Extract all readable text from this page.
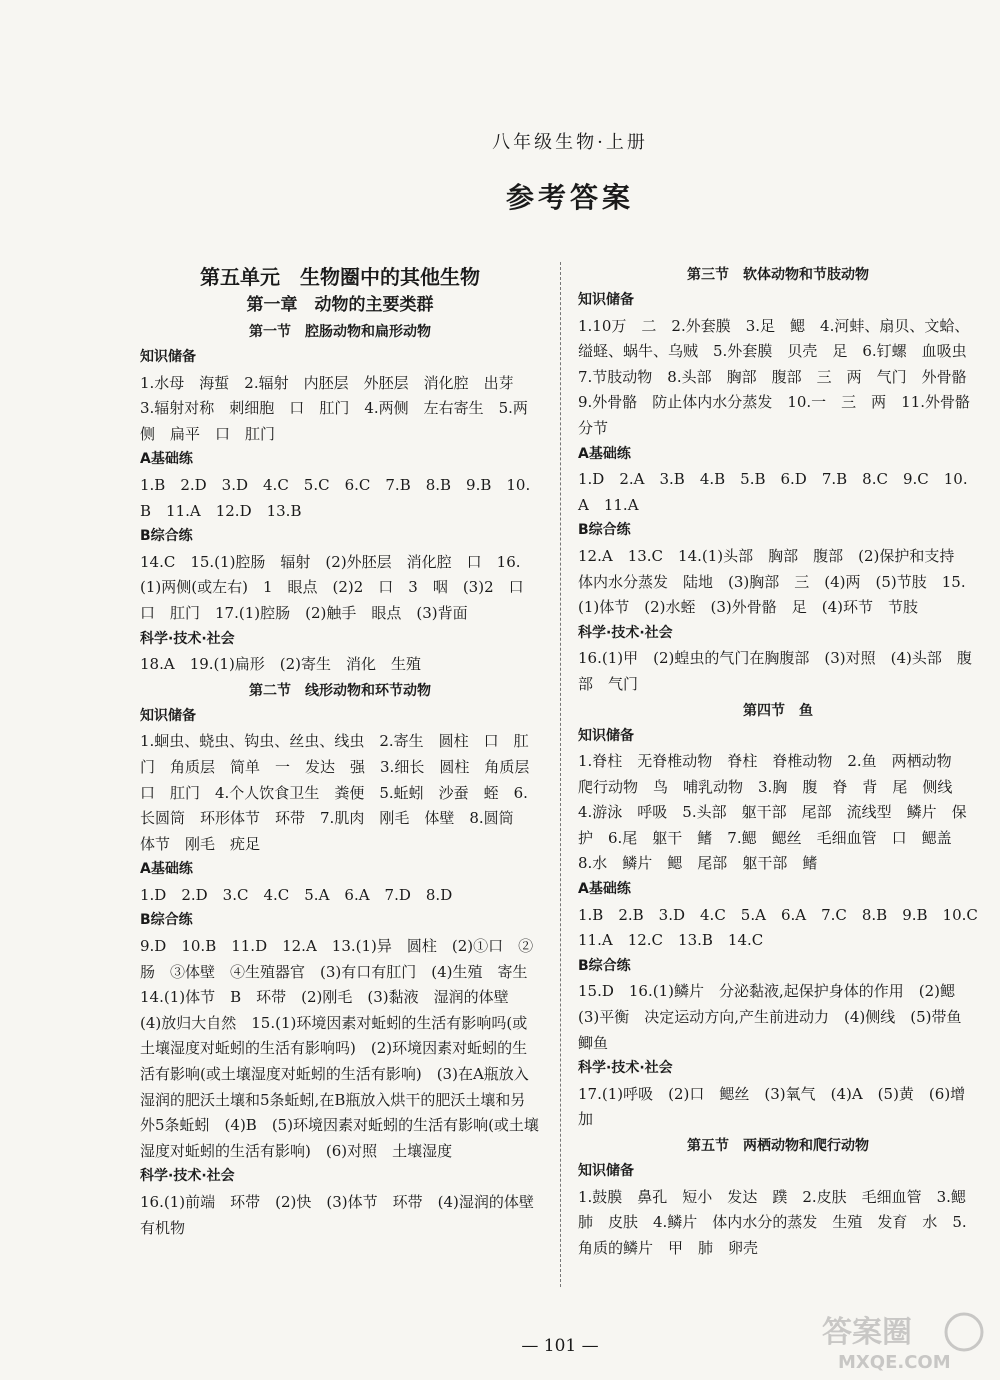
八年级生物·上册
参考答案
第五单元　生物圈中的其他生物
第一章　动物的主要类群
第一节　腔肠动物和扁形动物
知识储备
1.水母　海蜇　2.辐射　内胚层　外胚层　消化腔　出芽　3.辐射对称　刺细胞　口　肛门　4.两侧　左右寄生　5.两侧　扁平　口　肛门
A基础练
1.B　2.D　3.D　4.C　5.C　6.C　7.B　8.B　9.B　10.B　11.A　12.D　13.B
B综合练
14.C　15.(1)腔肠　辐射　(2)外胚层　消化腔　口　16.(1)两侧(或左右)　1　眼点　(2)2　口　3　咽　(3)2　口　口　肛门　17.(1)腔肠　(2)触手　眼点　(3)背面
科学·技术·社会
18.A　19.(1)扁形　(2)寄生　消化　生殖
第二节　线形动物和环节动物
知识储备
1.蛔虫、蛲虫、钩虫、丝虫、线虫　2.寄生　圆柱　口　肛门　角质层　简单　一　发达　强　3.细长　圆柱　角质层　口　肛门　4.个人饮食卫生　粪便　5.蚯蚓　沙蚕　蛭　6.长圆筒　环形体节　环带　7.肌肉　刚毛　体壁　8.圆筒　体节　刚毛　疣足
A基础练
1.D　2.D　3.C　4.C　5.A　6.A　7.D　8.D
B综合练
9.D　10.B　11.D　12.A　13.(1)异　圆柱　(2)①口　②肠　③体壁　④生殖器官　(3)有口有肛门　(4)生殖　寄生　14.(1)体节　B　环带　(2)刚毛　(3)黏液　湿润的体壁　(4)放归大自然　15.(1)环境因素对蚯蚓的生活有影响吗(或土壤湿度对蚯蚓的生活有影响吗)　(2)环境因素对蚯蚓的生活有影响(或土壤湿度对蚯蚓的生活有影响)　(3)在A瓶放入湿润的肥沃土壤和5条蚯蚓,在B瓶放入烘干的肥沃土壤和另外5条蚯蚓　(4)B　(5)环境因素对蚯蚓的生活有影响(或土壤湿度对蚯蚓的生活有影响)　(6)对照　土壤湿度
科学·技术·社会
16.(1)前端　环带　(2)快　(3)体节　环带　(4)湿润的体壁　有机物
第三节　软体动物和节肢动物
知识储备
1.10万　二　2.外套膜　3.足　鳃　4.河蚌、扇贝、文蛤、缢蛏、蜗牛、乌贼　5.外套膜　贝壳　足　6.钉螺　血吸虫　7.节肢动物　8.头部　胸部　腹部　三　两　气门　外骨骼　9.外骨骼　防止体内水分蒸发　10.一　三　两　11.外骨骼　分节
A基础练
1.D　2.A　3.B　4.B　5.B　6.D　7.B　8.C　9.C　10.A　11.A
B综合练
12.A　13.C　14.(1)头部　胸部　腹部　(2)保护和支持　体内水分蒸发　陆地　(3)胸部　三　(4)两　(5)节肢　15.(1)体节　(2)水蛭　(3)外骨骼　足　(4)环节　节肢
科学·技术·社会
16.(1)甲　(2)蝗虫的气门在胸腹部　(3)对照　(4)头部　腹部　气门
第四节　鱼
知识储备
1.脊柱　无脊椎动物　脊柱　脊椎动物　2.鱼　两栖动物　爬行动物　鸟　哺乳动物　3.胸　腹　脊　背　尾　侧线　4.游泳　呼吸　5.头部　躯干部　尾部　流线型　鳞片　保护　6.尾　躯干　鳍　7.鳃　鳃丝　毛细血管　口　鳃盖　8.水　鳞片　鳃　尾部　躯干部　鳍
A基础练
1.B　2.B　3.D　4.C　5.A　6.A　7.C　8.B　9.B　10.C　11.A　12.C　13.B　14.C
B综合练
15.D　16.(1)鳞片　分泌黏液,起保护身体的作用　(2)鳃　(3)平衡　决定运动方向,产生前进动力　(4)侧线　(5)带鱼　鲫鱼
科学·技术·社会
17.(1)呼吸　(2)口　鳃丝　(3)氧气　(4)A　(5)黄　(6)增加
第五节　两栖动物和爬行动物
知识储备
1.鼓膜　鼻孔　短小　发达　蹼　2.皮肤　毛细血管　3.鳃　肺　皮肤　4.鳞片　体内水分的蒸发　生殖　发育　水　5.角质的鳞片　甲　肺　卵壳
— 101 —	答案圈
MXQE.COM
